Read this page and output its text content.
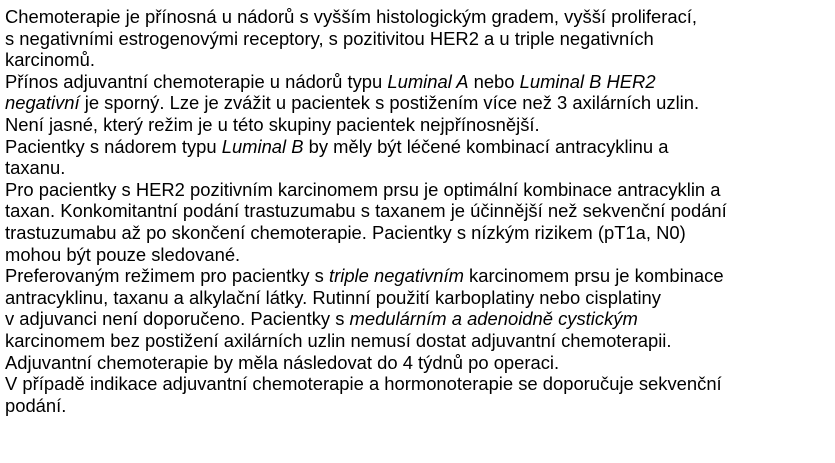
Chemoterapie je přínosná u nádorů s vyšším histologickým gradem, vyšší proliferací,
s negativními estrogenovými receptory, s pozitivitou HER2 a u triple negativních
karcinomů.
Přínos adjuvantní chemoterapie u nádorů typu Luminal A nebo Luminal B HER2
negativní je sporný. Lze je zvážit u pacientek s postižením více než 3 axilárních uzlin.
Není jasné, který režim je u této skupiny pacientek nejpřínosnější.
Pacientky s nádorem typu Luminal B by měly být léčené kombinací antracyklinu a
taxanu.
Pro pacientky s HER2 pozitivním karcinomem prsu je optimální kombinace antracyklin a
taxan. Konkomitantní podání trastuzumabu s taxanem je účinnější než sekvenční podání
trastuzumabu až po skončení chemoterapie. Pacientky s nízkým rizikem (pT1a, N0)
mohou být pouze sledované.
Preferovaným režimem pro pacientky s triple negativním karcinomem prsu je kombinace
antracyklinu, taxanu a alkylační látky. Rutinní použití karboplatiny nebo cisplatiny
v adjuvanci není doporučeno. Pacientky s medulárním a adenoidně cystickým
karcinomem bez postižení axilárních uzlin nemusí dostat adjuvantní chemoterapii.
Adjuvantní chemoterapie by měla následovat do 4 týdnů po operaci.
V případě indikace adjuvantní chemoterapie a hormonoterapie se doporučuje sekvenční
podání.
